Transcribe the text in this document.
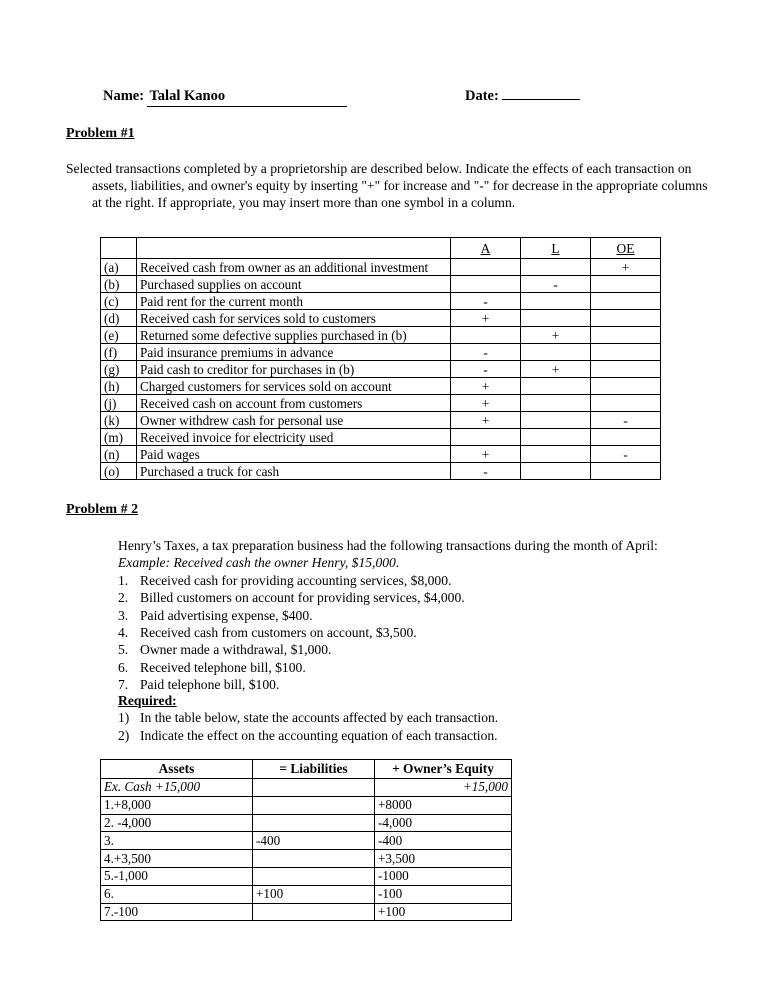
Name: Talal Kanoo	Date:
Problem #1
Selected transactions completed by a proprietorship are described below. Indicate the effects of each transaction on assets, liabilities, and owner's equity by inserting "+" for increase and "-" for decrease in the appropriate columns at the right. If appropriate, you may insert more than one symbol in a column.
		A	L	OE
(a)	Received cash from owner as an additional investment			+
(b)	Purchased supplies on account		-	
(c)	Paid rent for the current month	-		
(d)	Received cash for services sold to customers	+		
(e)	Returned some defective supplies purchased in (b)		+	
(f)	Paid insurance premiums in advance	-		
(g)	Paid cash to creditor for purchases in (b)	-	+	
(h)	Charged customers for services sold on account	+		
(j)	Received cash on account from customers	+		
(k)	Owner withdrew cash for personal use	+		-
(m)	Received invoice for electricity used			
(n)	Paid wages	+		-
(o)	Purchased a truck for cash	-		
Problem # 2
Henry’s Taxes, a tax preparation business had the following transactions during the month of April:
Example: Received cash the owner Henry, $15,000.
1. Received cash for providing accounting services, $8,000.
2. Billed customers on account for providing services, $4,000.
3. Paid advertising expense, $400.
4. Received cash from customers on account, $3,500.
5. Owner made a withdrawal, $1,000.
6. Received telephone bill, $100.
7. Paid telephone bill, $100.
Required:
1) In the table below, state the accounts affected by each transaction.
2) Indicate the effect on the accounting equation of each transaction.
Assets	= Liabilities	+ Owner’s Equity
Ex. Cash +15,000		+15,000
1.+8,000		+8000
2. -4,000		-4,000
3.	-400	-400
4.+3,500		+3,500
5.-1,000		-1000
6.	+100	-100
7.-100		+100
